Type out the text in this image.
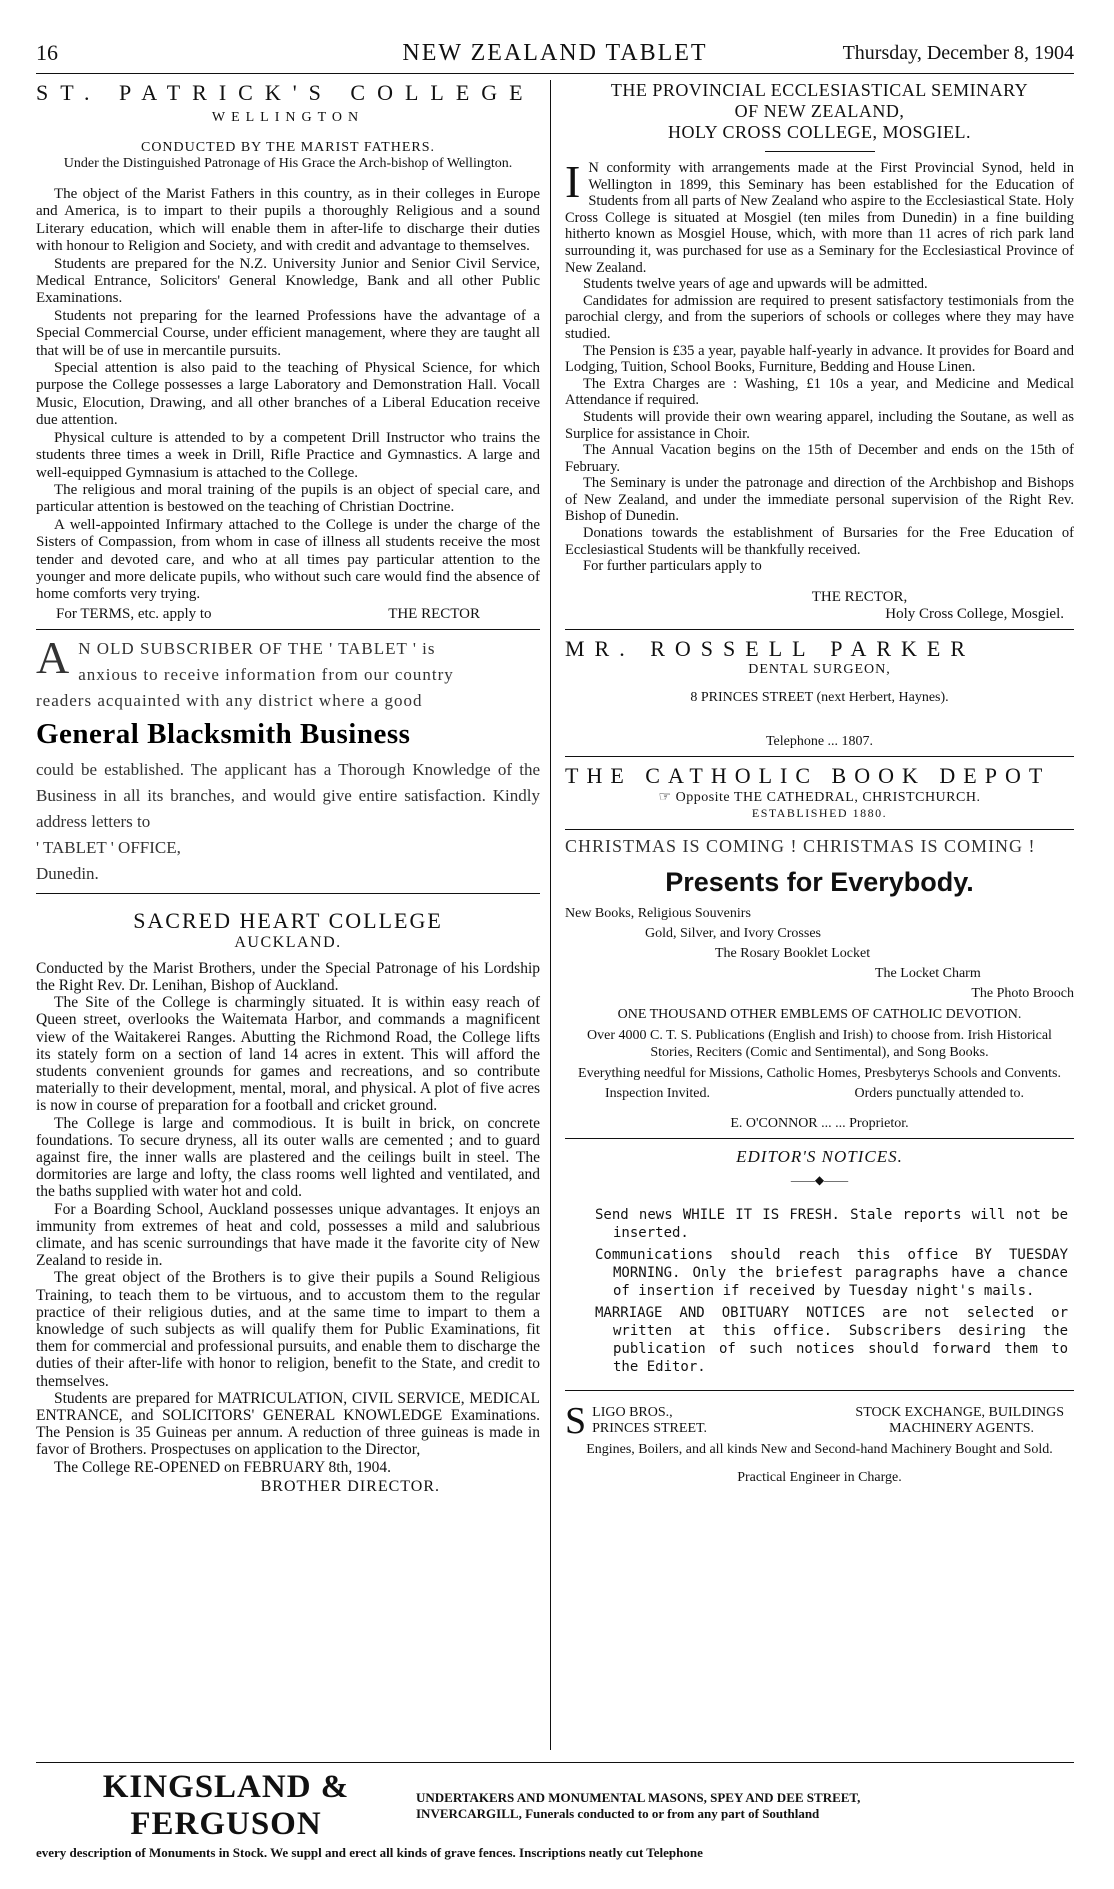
16	NEW ZEALAND TABLET	Thursday, December 8, 1904
ST. PATRICK'S COLLEGE
WELLINGTON
CONDUCTED BY THE MARIST FATHERS.
Under the Distinguished Patronage of His Grace the Arch-bishop of Wellington.

The object of the Marist Fathers in this country, as in their colleges in Europe and America, is to impart to their pupils a thoroughly Religious and a sound Literary education, which will enable them in after-life to discharge their duties with honour to Religion and Society, and with credit and advantage to themselves.

Students are prepared for the N.Z. University Junior and Senior Civil Service, Medical Entrance, Solicitors' General Knowledge, Bank and all other Public Examinations.

Students not preparing for the learned Professions have the advantage of a Special Commercial Course, under efficient management, where they are taught all that will be of use in mercantile pursuits.

Special attention is also paid to the teaching of Physical Science, for which purpose the College possesses a large Laboratory and Demonstration Hall. Vocall Music, Elocution, Drawing, and all other branches of a Liberal Education receive due attention.

Physical culture is attended to by a competent Drill Instructor who trains the students three times a week in Drill, Rifle Practice and Gymnastics. A large and well-equipped Gymnasium is attached to the College.

The religious and moral training of the pupils is an object of special care, and particular attention is bestowed on the teaching of Christian Doctrine.

A well-appointed Infirmary attached to the College is under the charge of the Sisters of Compassion, from whom in case of illness all students receive the most tender and devoted care, and who at all times pay particular attention to the younger and more delicate pupils, who without such care would find the absence of home comforts very trying.

For TERMS, etc. apply to	THE RECTOR
A N OLD SUBSCRIBER OF THE ' TABLET ' is
anxious to receive information from our country
readers acquainted with any district where a good
General Blacksmith Business

could be established. The applicant has a Thorough Knowledge of the Business in all its branches, and would give entire satisfaction. Kindly address letters to

' TABLET ' OFFICE,
Dunedin.
SACRED HEART COLLEGE
AUCKLAND.

Conducted by the Marist Brothers, under the Special Patronage of his Lordship the Right Rev. Dr. Lenihan, Bishop of Auckland.

The Site of the College is charmingly situated. It is within easy reach of Queen street, overlooks the Waitemata Harbor, and commands a magnificent view of the Waitakerei Ranges. Abutting the Richmond Road, the College lifts its stately form on a section of land 14 acres in extent. This will afford the students convenient grounds for games and recreations, and so contribute materially to their development, mental, moral, and physical. A plot of five acres is now in course of preparation for a football and cricket ground.

The College is large and commodious. It is built in brick, on concrete foundations. To secure dryness, all its outer walls are cemented ; and to guard against fire, the inner walls are plastered and the ceilings built in steel. The dormitories are large and lofty, the class rooms well lighted and ventilated, and the baths supplied with water hot and cold.

For a Boarding School, Auckland possesses unique advantages. It enjoys an immunity from extremes of heat and cold, possesses a mild and salubrious climate, and has scenic surroundings that have made it the favorite city of New Zealand to reside in.

The great object of the Brothers is to give their pupils a Sound Religious Training, to teach them to be virtuous, and to accustom them to the regular practice of their religious duties, and at the same time to impart to them a knowledge of such subjects as will qualify them for Public Examinations, fit them for commercial and professional pursuits, and enable them to discharge the duties of their after-life with honor to religion, benefit to the State, and credit to themselves.

Students are prepared for MATRICULATION, CIVIL SERVICE, MEDICAL ENTRANCE, and SOLICITORS' GENERAL KNOWLEDGE Examinations. The Pension is 35 Guineas per annum. A reduction of three guineas is made in favor of Brothers. Prospectuses on application to the Director,

The College RE-OPENED on FEBRUARY 8th, 1904.

BROTHER DIRECTOR.
THE PROVINCIAL ECCLESIASTICAL SEMINARY
OF NEW ZEALAND,
HOLY CROSS COLLEGE, MOSGIEL.

I N conformity with arrangements made at the First Provincial Synod, held in Wellington in 1899, this Seminary has been established for the Education of Students from all parts of New Zealand who aspire to the Ecclesiastical State. Holy Cross College is situated at Mosgiel (ten miles from Dunedin) in a fine building hitherto known as Mosgiel House, which, with more than 11 acres of rich park land surrounding it, was purchased for use as a Seminary for the Ecclesiastical Province of New Zealand.

Students twelve years of age and upwards will be admitted.

Candidates for admission are required to present satisfactory testimonials from the parochial clergy, and from the superiors of schools or colleges where they may have studied.

The Pension is £35 a year, payable half-yearly in advance. It provides for Board and Lodging, Tuition, School Books, Furniture, Bedding and House Linen.

The Extra Charges are : Washing, £1 10s a year, and Medicine and Medical Attendance if required.

Students will provide their own wearing apparel, including the Soutane, as well as Surplice for assistance in Choir.

The Annual Vacation begins on the 15th of December and ends on the 15th of February.

The Seminary is under the patronage and direction of the Archbishop and Bishops of New Zealand, and under the immediate personal supervision of the Right Rev. Bishop of Dunedin.

Donations towards the establishment of Bursaries for the Free Education of Ecclesiastical Students will be thankfully received.

For further particulars apply to

THE RECTOR,
Holy Cross College, Mosgiel.
MR. ROSSELL PARKER
DENTAL SURGEON,
8 PRINCES STREET (next Herbert, Haynes).
Telephone ... 1807.
THE CATHOLIC BOOK DEPOT
☞ Opposite THE CATHEDRAL, CHRISTCHURCH.
ESTABLISHED 1880.
CHRISTMAS IS COMING ! CHRISTMAS IS COMING !
Presents for Everybody.
New Books, Religious Souvenirs
Gold, Silver, and Ivory Crosses
The Rosary Booklet Locket
The Locket Charm
The Photo Brooch
ONE THOUSAND OTHER EMBLEMS OF CATHOLIC DEVOTION.
Over 4000 C. T. S. Publications (English and Irish) to choose from. Irish Historical Stories, Reciters (Comic and Sentimental), and Song Books.
Everything needful for Missions, Catholic Homes, Presbyterys Schools and Convents.
Inspection Invited.	Orders punctually attended to.
E. O'CONNOR ... ... Proprietor.
EDITOR'S NOTICES.
——◆——
Send news WHILE IT IS FRESH. Stale reports will not be inserted.
Communications should reach this office BY TUESDAY MORNING. Only the briefest paragraphs have a chance of insertion if received by Tuesday night's mails.
MARRIAGE AND OBITUARY NOTICES are not selected or written at this office. Subscribers desiring the publication of such notices should forward them to the Editor.
S LIGO BROS.,	STOCK EXCHANGE, BUILDINGS
PRINCES STREET.	MACHINERY AGENTS.
Engines, Boilers, and all kinds New and Second-hand Machinery Bought and Sold.
Practical Engineer in Charge.
KINGSLAND & FERGUSON
UNDERTAKERS AND MONUMENTAL MASONS, SPEY AND DEE STREET,
INVERCARGILL, Funerals conducted to or from any part of Southland
every description of Monuments in Stock. We suppl and erect all kinds of grave fences. Inscriptions neatly cut Telephone
